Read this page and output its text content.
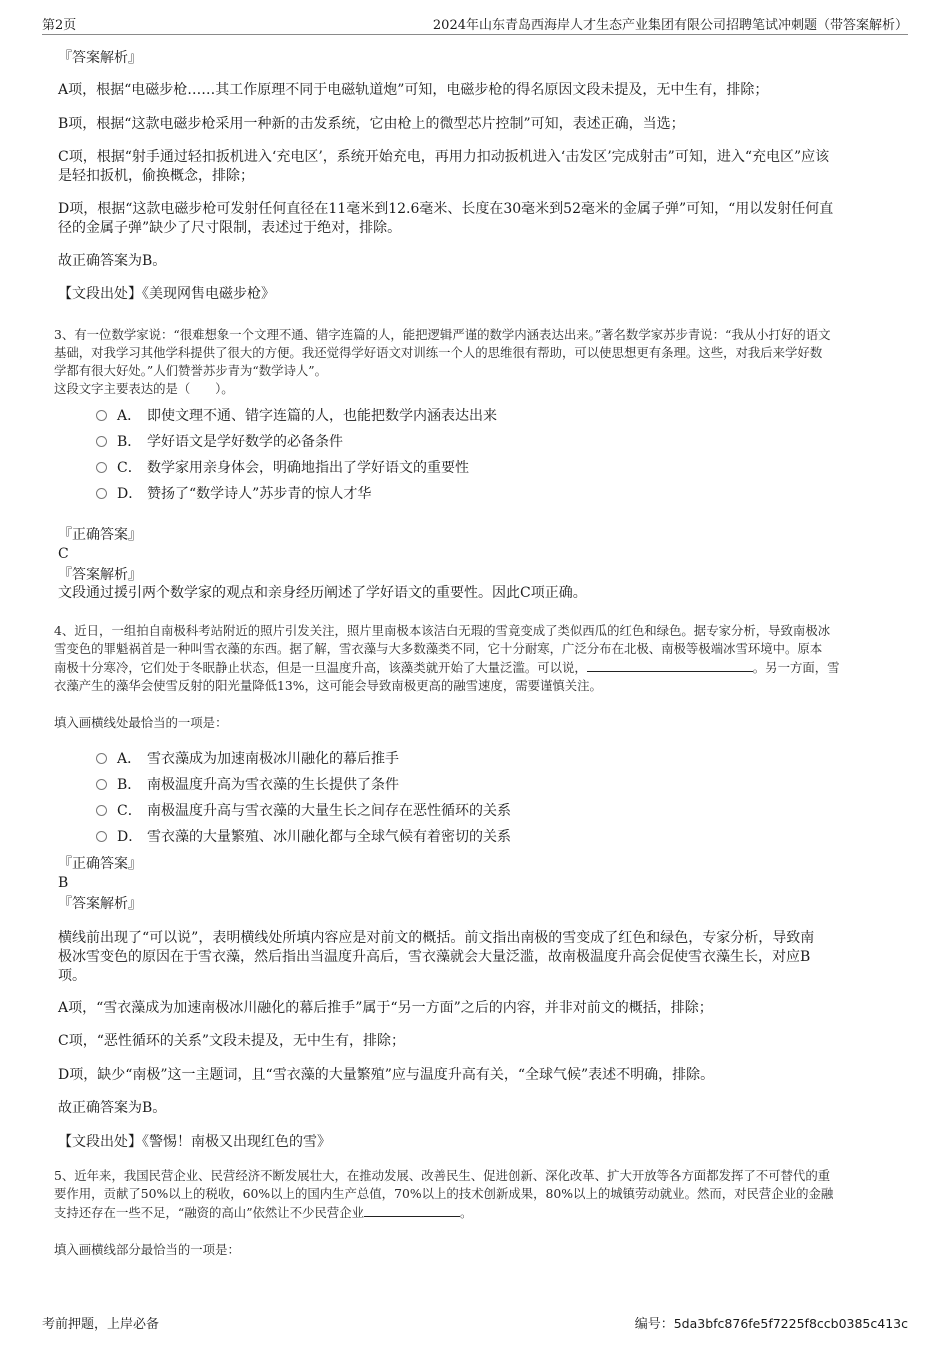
第2页	2024年山东青岛西海岸人才生态产业集团有限公司招聘笔试冲刺题（带答案解析）

『答案解析』

A项，根据“电磁步枪……其工作原理不同于电磁轨道炮”可知，电磁步枪的得名原因文段未提及，无中生有，排除；

B项，根据“这款电磁步枪采用一种新的击发系统，它由枪上的微型芯片控制”可知，表述正确，当选；

C项，根据“射手通过轻扣扳机进入‘充电区’，系统开始充电，再用力扣动扳机进入‘击发区’完成射击”可知，进入“充电区”应该
是轻扣扳机，偷换概念，排除；

D项，根据“这款电磁步枪可发射任何直径在11毫米到12.6毫米、长度在30毫米到52毫米的金属子弹”可知，“用以发射任何直
径的金属子弹”缺少了尺寸限制，表述过于绝对，排除。

故正确答案为B。

【文段出处】《美现网售电磁步枪》

3、有一位数学家说：“很难想象一个文理不通、错字连篇的人，能把逻辑严谨的数学内涵表达出来。”著名数学家苏步青说：“我从小打好的语文
基础，对我学习其他学科提供了很大的方便。我还觉得学好语文对训练一个人的思维很有帮助，可以使思想更有条理。这些，对我后来学好数
学都有很大好处。”人们赞誉苏步青为“数学诗人”。
这段文字主要表达的是（　　）。

A． 即使文理不通、错字连篇的人，也能把数学内涵表达出来
B． 学好语文是学好数学的必备条件
C． 数学家用亲身体会，明确地指出了学好语文的重要性
D． 赞扬了“数学诗人”苏步青的惊人才华

『正确答案』

C

『答案解析』

文段通过援引两个数学家的观点和亲身经历阐述了学好语文的重要性。因此C项正确。

4、近日，一组拍自南极科考站附近的照片引发关注，照片里南极本该洁白无瑕的雪竟变成了类似西瓜的红色和绿色。据专家分析，导致南极冰
雪变色的罪魁祸首是一种叫雪衣藻的东西。据了解，雪衣藻与大多数藻类不同，它十分耐寒，广泛分布在北极、南极等极端冰雪环境中。原本
南极十分寒冷，它们处于冬眠静止状态，但是一旦温度升高，该藻类就开始了大量泛滥。可以说，	。另一方面，雪
衣藻产生的藻华会使雪反射的阳光量降低13%，这可能会导致南极更高的融雪速度，需要谨慎关注。

填入画横线处最恰当的一项是：

A． 雪衣藻成为加速南极冰川融化的幕后推手
B． 南极温度升高为雪衣藻的生长提供了条件
C． 南极温度升高与雪衣藻的大量生长之间存在恶性循环的关系
D． 雪衣藻的大量繁殖、冰川融化都与全球气候有着密切的关系

『正确答案』

B

『答案解析』

横线前出现了“可以说”，表明横线处所填内容应是对前文的概括。前文指出南极的雪变成了红色和绿色，专家分析，导致南
极冰雪变色的原因在于雪衣藻，然后指出当温度升高后，雪衣藻就会大量泛滥，故南极温度升高会促使雪衣藻生长，对应B
项。

A项，“雪衣藻成为加速南极冰川融化的幕后推手”属于“另一方面”之后的内容，并非对前文的概括，排除；

C项，“恶性循环的关系”文段未提及，无中生有，排除；

D项，缺少“南极”这一主题词，且“雪衣藻的大量繁殖”应与温度升高有关，“全球气候”表述不明确，排除。

故正确答案为B。

【文段出处】《警惕！南极又出现红色的雪》

5、近年来，我国民营企业、民营经济不断发展壮大，在推动发展、改善民生、促进创新、深化改革、扩大开放等各方面都发挥了不可替代的重
要作用，贡献了50%以上的税收，60%以上的国内生产总值，70%以上的技术创新成果，80%以上的城镇劳动就业。然而，对民营企业的金融
支持还存在一些不足，“融资的高山”依然让不少民营企业	。

填入画横线部分最恰当的一项是：

考前押题，上岸必备	编号：5da3bfc876fe5f7225f8ccb0385c413c
